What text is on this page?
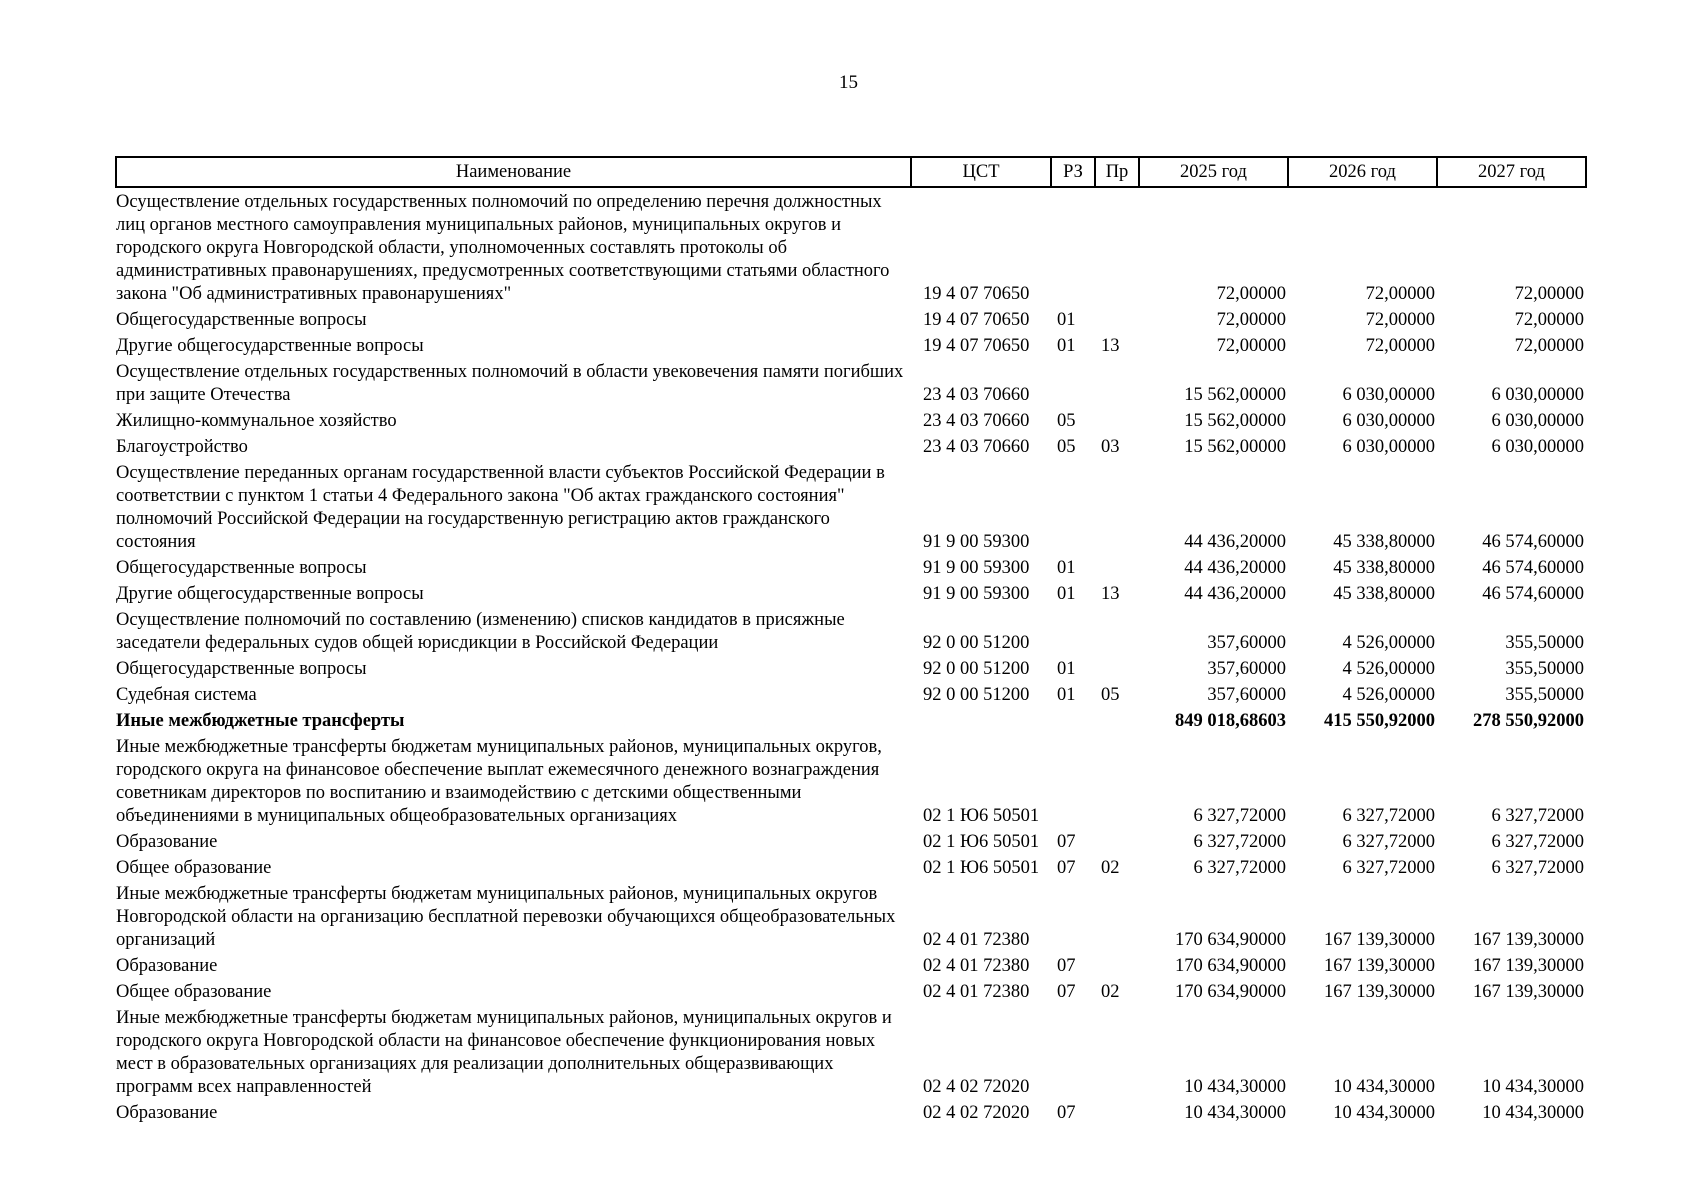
15
Наименование	ЦСТ	РЗ	Пр	2025 год	2026 год	2027 год
Осуществление отдельных государственных полномочий по определению перечня должностных лиц органов местного самоуправления муниципальных районов, муниципальных округов и городского округа Новгородской области, уполномоченных составлять протоколы об административных правонарушениях, предусмотренных соответствующими статьями областного закона "Об административных правонарушениях"	19 4 07 70650			72,00000	72,00000	72,00000
Общегосударственные вопросы	19 4 07 70650	01		72,00000	72,00000	72,00000
Другие общегосударственные вопросы	19 4 07 70650	01	13	72,00000	72,00000	72,00000
Осуществление отдельных государственных полномочий в области увековечения памяти погибших при защите Отечества	23 4 03 70660			15 562,00000	6 030,00000	6 030,00000
Жилищно-коммунальное хозяйство	23 4 03 70660	05		15 562,00000	6 030,00000	6 030,00000
Благоустройство	23 4 03 70660	05	03	15 562,00000	6 030,00000	6 030,00000
Осуществление переданных органам государственной власти субъектов Российской Федерации в соответствии с пунктом 1 статьи 4 Федерального закона "Об актах гражданского состояния" полномочий Российской Федерации на государственную регистрацию актов гражданского состояния	91 9 00 59300			44 436,20000	45 338,80000	46 574,60000
Общегосударственные вопросы	91 9 00 59300	01		44 436,20000	45 338,80000	46 574,60000
Другие общегосударственные вопросы	91 9 00 59300	01	13	44 436,20000	45 338,80000	46 574,60000
Осуществление полномочий по составлению (изменению) списков кандидатов в присяжные заседатели федеральных судов общей юрисдикции в Российской Федерации	92 0 00 51200			357,60000	4 526,00000	355,50000
Общегосударственные вопросы	92 0 00 51200	01		357,60000	4 526,00000	355,50000
Судебная система	92 0 00 51200	01	05	357,60000	4 526,00000	355,50000
Иные межбюджетные трансферты				849 018,68603	415 550,92000	278 550,92000
Иные межбюджетные трансферты бюджетам муниципальных районов, муниципальных округов, городского округа на финансовое обеспечение выплат ежемесячного денежного вознаграждения советникам директоров по воспитанию и взаимодействию с детскими общественными объединениями в муниципальных общеобразовательных организациях	02 1 Ю6 50501			6 327,72000	6 327,72000	6 327,72000
Образование	02 1 Ю6 50501	07		6 327,72000	6 327,72000	6 327,72000
Общее образование	02 1 Ю6 50501	07	02	6 327,72000	6 327,72000	6 327,72000
Иные межбюджетные трансферты бюджетам муниципальных районов, муниципальных округов Новгородской области на организацию бесплатной перевозки обучающихся общеобразовательных организаций	02 4 01 72380			170 634,90000	167 139,30000	167 139,30000
Образование	02 4 01 72380	07		170 634,90000	167 139,30000	167 139,30000
Общее образование	02 4 01 72380	07	02	170 634,90000	167 139,30000	167 139,30000
Иные межбюджетные трансферты бюджетам муниципальных районов, муниципальных округов и городского округа Новгородской области на финансовое обеспечение функционирования новых мест в образовательных организациях для реализации дополнительных общеразвивающих программ всех направленностей	02 4 02 72020			10 434,30000	10 434,30000	10 434,30000
Образование	02 4 02 72020	07		10 434,30000	10 434,30000	10 434,30000
